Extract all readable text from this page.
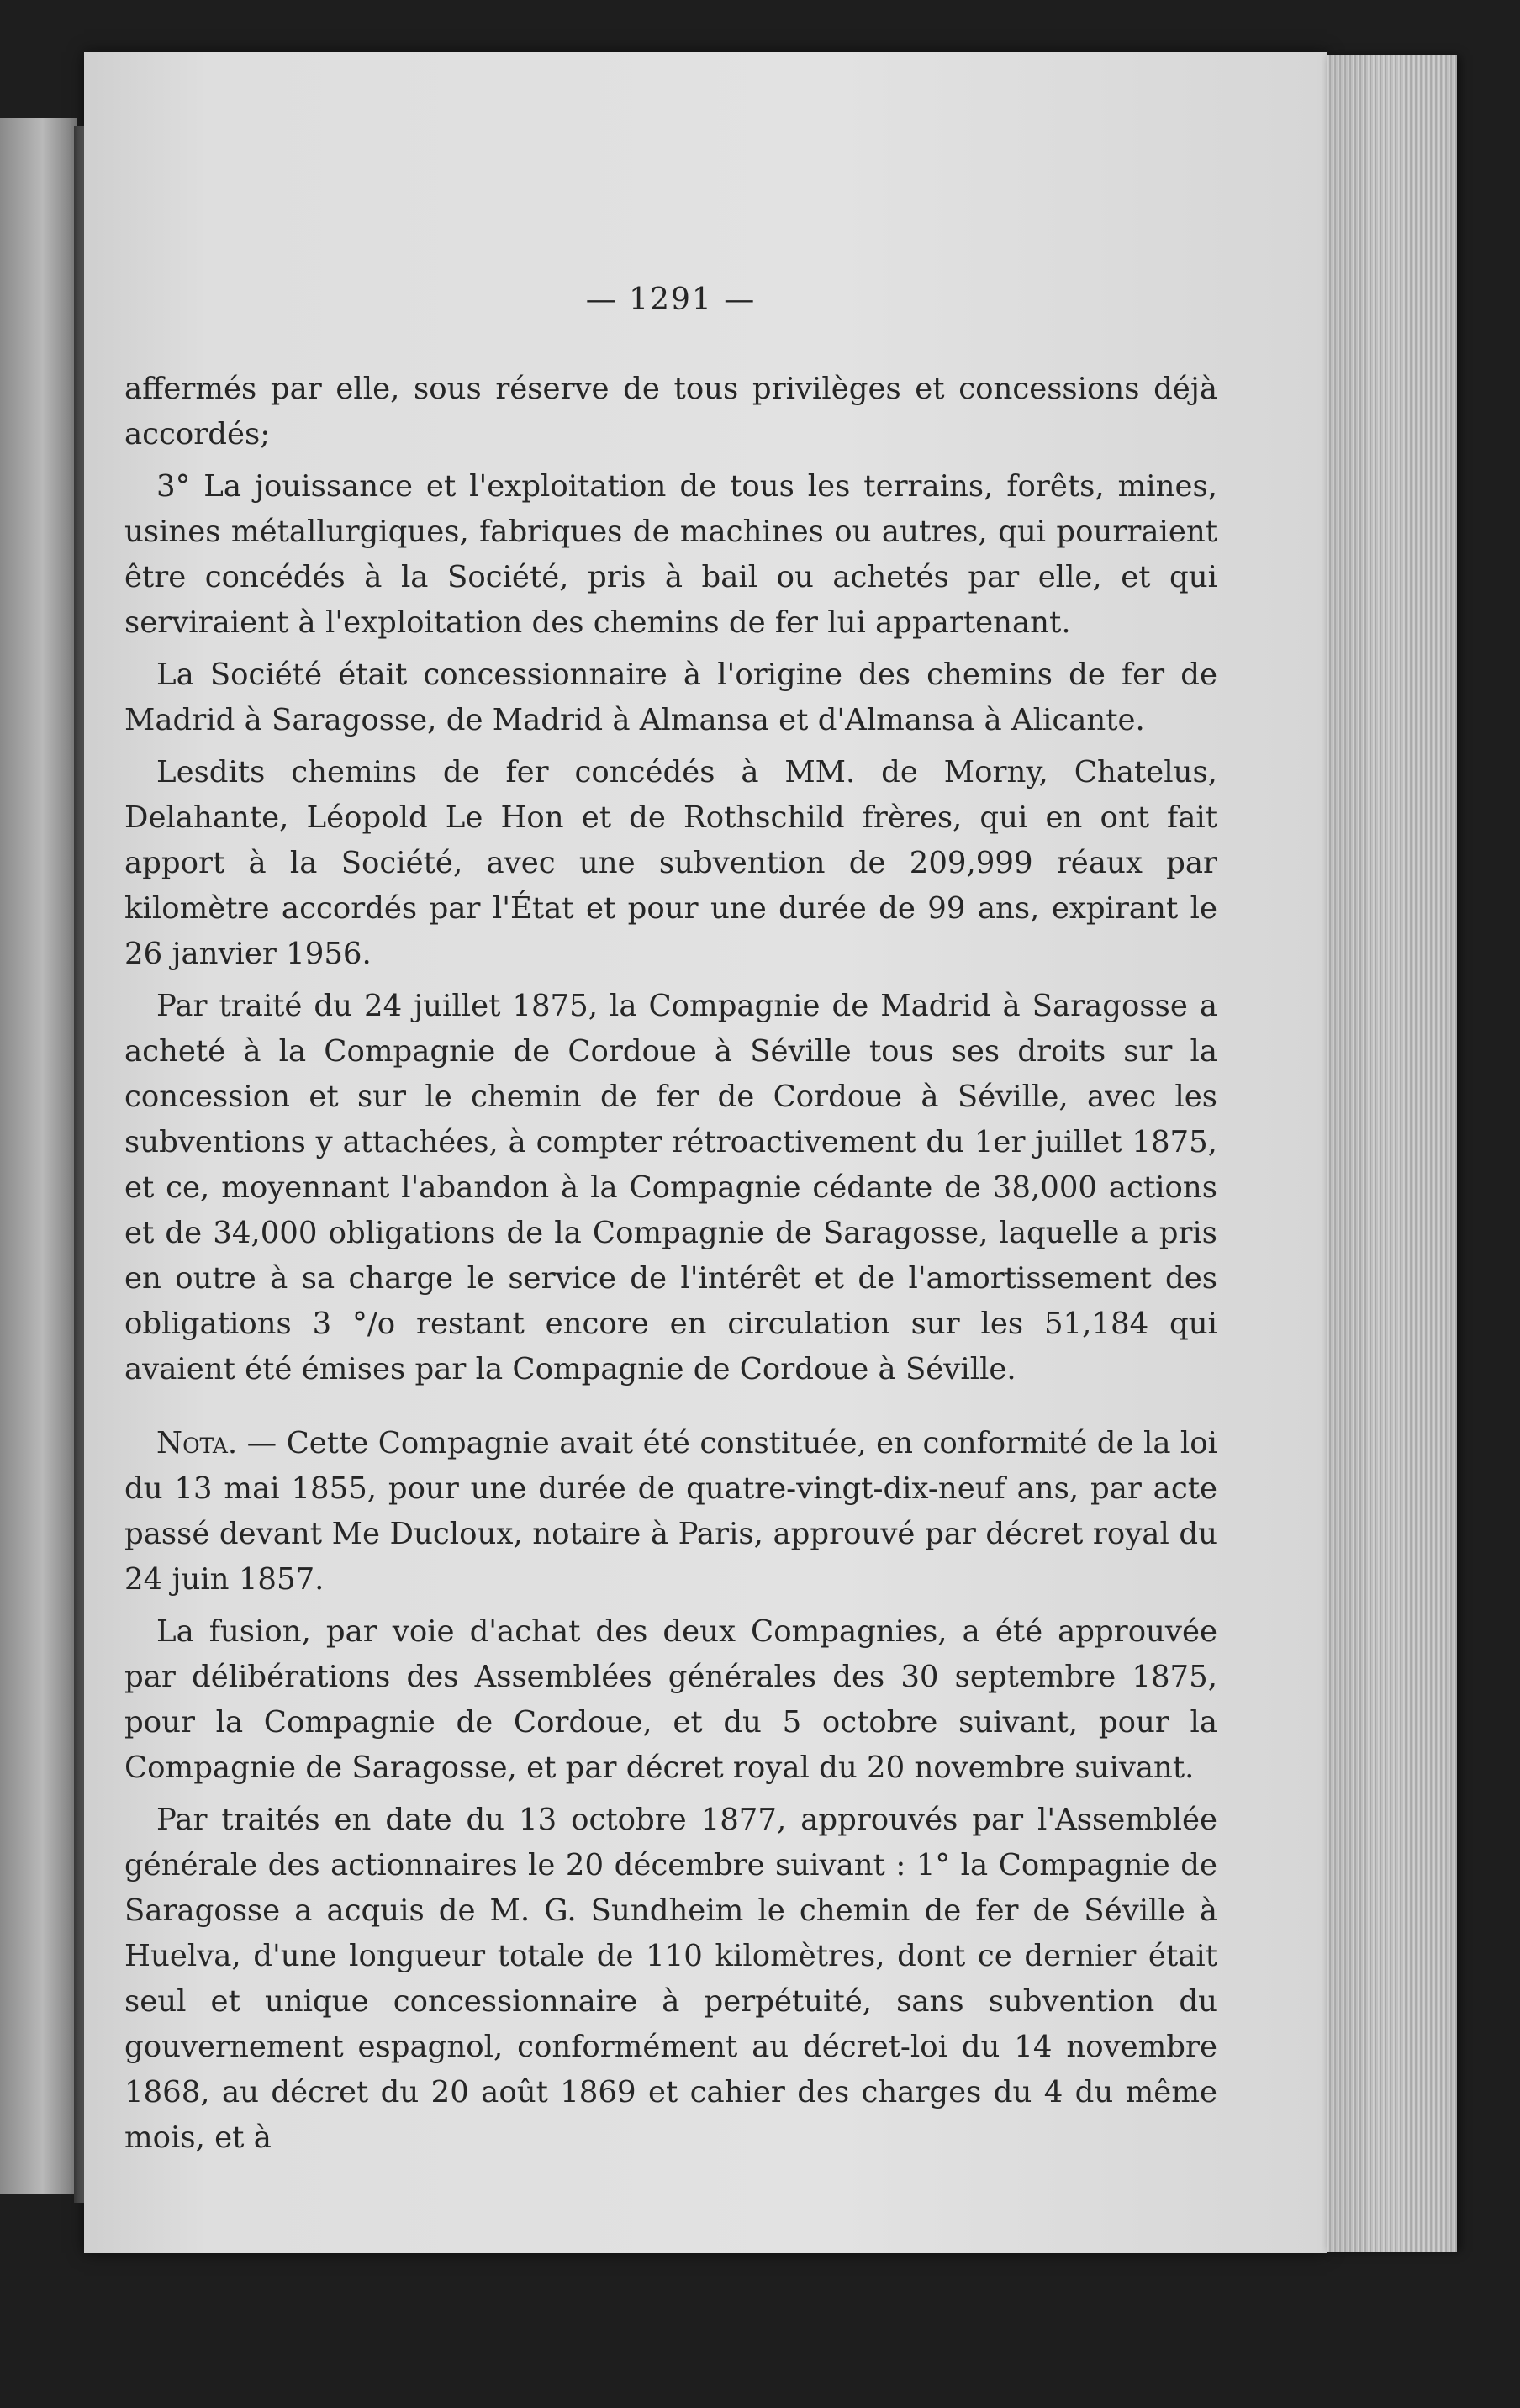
— 1291 —

affermés par elle, sous réserve de tous privilèges et concessions déjà accordés;

3° La jouissance et l'exploitation de tous les terrains, forêts, mines, usines métallurgiques, fabriques de machines ou autres, qui pourraient être concédés à la Société, pris à bail ou achetés par elle, et qui serviraient à l'exploitation des chemins de fer lui appartenant.

La Société était concessionnaire à l'origine des chemins de fer de Madrid à Saragosse, de Madrid à Almansa et d'Almansa à Alicante.

Lesdits chemins de fer concédés à MM. de Morny, Chatelus, Delahante, Léopold Le Hon et de Rothschild frères, qui en ont fait apport à la Société, avec une subvention de 209,999 réaux par kilomètre accordés par l'État et pour une durée de 99 ans, expirant le 26 janvier 1956.

Par traité du 24 juillet 1875, la Compagnie de Madrid à Saragosse a acheté à la Compagnie de Cordoue à Séville tous ses droits sur la concession et sur le chemin de fer de Cordoue à Séville, avec les subventions y attachées, à compter rétroactivement du 1er juillet 1875, et ce, moyennant l'abandon à la Compagnie cédante de 38,000 actions et de 34,000 obligations de la Compagnie de Saragosse, laquelle a pris en outre à sa charge le service de l'intérêt et de l'amortissement des obligations 3 °/o restant encore en circulation sur les 51,184 qui avaient été émises par la Compagnie de Cordoue à Séville.

Nota. — Cette Compagnie avait été constituée, en conformité de la loi du 13 mai 1855, pour une durée de quatre-vingt-dix-neuf ans, par acte passé devant Me Ducloux, notaire à Paris, approuvé par décret royal du 24 juin 1857.

La fusion, par voie d'achat des deux Compagnies, a été approuvée par délibérations des Assemblées générales des 30 septembre 1875, pour la Compagnie de Cordoue, et du 5 octobre suivant, pour la Compagnie de Saragosse, et par décret royal du 20 novembre suivant.

Par traités en date du 13 octobre 1877, approuvés par l'Assemblée générale des actionnaires le 20 décembre suivant : 1° la Compagnie de Saragosse a acquis de M. G. Sundheim le chemin de fer de Séville à Huelva, d'une longueur totale de 110 kilomètres, dont ce dernier était seul et unique concessionnaire à perpétuité, sans subvention du gouvernement espagnol, conformément au décret-loi du 14 novembre 1868, au décret du 20 août 1869 et cahier des charges du 4 du même mois, et à
